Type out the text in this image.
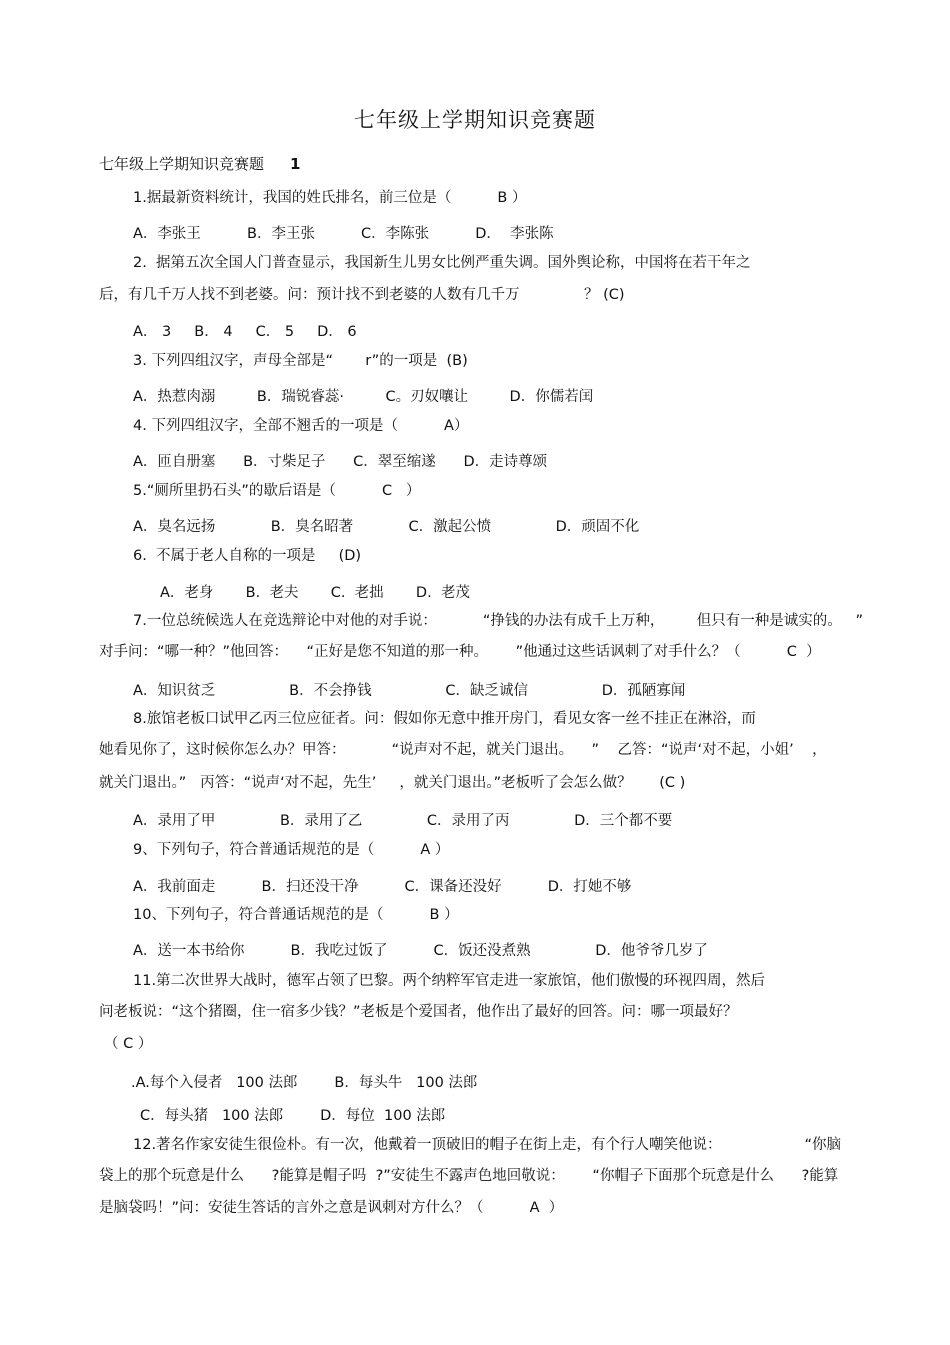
七年级上学期知识竞赛题
七年级上学期知识竞赛题 1
1.据最新资料统计，我国的姓氏排名，前三位是（          B ）
A．李张王          B．李王张          C．李陈张          D．  李张陈
2.  据第五次全国人门普查显示，我国新生儿男女比例严重失调。国外舆论称，中国将在若干年之
后，有几千万人找不到老婆。问：预计找不到老婆的人数有几千万              ？ (C)
A． 3     B． 4     C． 5     D． 6
3. 下列四组汉字，声母全部是“       r”的一项是  (B)
A．热惹肉溺         B．瑞锐睿蕊·         C。刃奴嚷让         D．你儒若闰
4. 下列四组汉字，全部不翘舌的一项是（          A）
A．匝自册塞      B．寸柴足子      C．翠至缩遂      D．走诗尊颂
5.“厕所里扔石头”的歇后语是（          C   ）
A．臭名远扬            B．臭名昭著            C．激起公愤              D．顽固不化
6.  不属于老人自称的一项是     (D)
A．老身       B.  老夫       C.  老拙       D.  老茂
7.一位总统候选人在竞选辩论中对他的对手说：          “挣钱的办法有成千上万种，       但只有一种是诚实的。   ”
对手问：“哪一种？”他回答：    “正好是您不知道的那一种。      ”他通过这些话讽刺了对手什么？（          C  ）
A．知识贫乏                B．不会挣钱                C．缺乏诚信                D．孤陋寡闻
8.旅馆老板口试甲乙丙三位应征者。问：假如你无意中推开房门，看见女客一丝不挂正在淋浴，而
她看见你了，这时候你怎么办？甲答：          “说声对不起，就关门退出。    ”    乙答：“说声‘对不起，小姐’    ，
就关门退出。”   丙答：“说声‘对不起，先生’     ，就关门退出。”老板听了会怎么做？      (C )
A．录用了甲              B．录用了乙              C．录用了丙              D．三个都不要
9、下列句子，符合普通话规范的是（          A ）
A．我前面走          B．扫还没干净          C．课备还没好          D．打她不够
10、下列句子，符合普通话规范的是（          B ）
A．送一本书给你          B．我吃过饭了          C．饭还没煮熟              D．他爷爷几岁了
11.第二次世界大战时，德军占领了巴黎。两个纳粹军官走进一家旅馆，他们傲慢的环视四周，然后
问老板说：“这个猪圈，住一宿多少钱？”老板是个爱国者，他作出了最好的回答。问：哪一项最好？
（ C ）
.A.每个入侵者   100 法郎        B．每头牛   100 法郎
C．每头猪   100 法郎        D．每位  100 法郎
12.著名作家安徒生很俭朴。有一次，他戴着一顶破旧的帽子在街上走，有个行人嘲笑他说：                  “你脑
袋上的那个玩意是什么      ?能算是帽子吗  ?”安徒生不露声色地回敬说：      “你帽子下面那个玩意是什么      ?能算
是脑袋吗！”问：安徒生答话的言外之意是讽刺对方什么？（          A  ）
